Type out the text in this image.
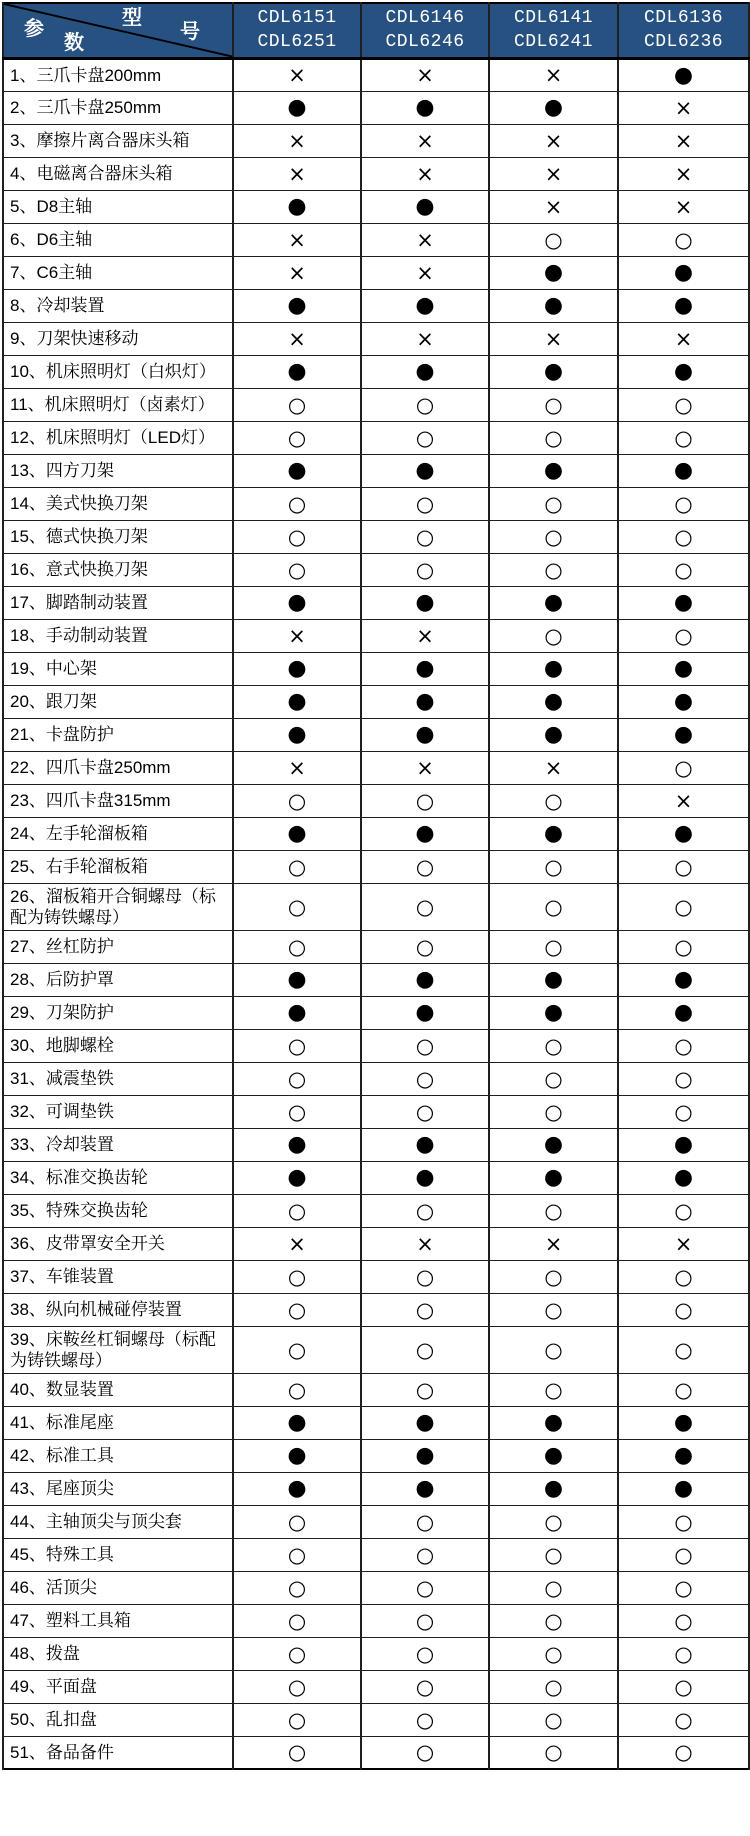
型
号
参
数

CDL6151
CDL6251

CDL6146
CDL6246

CDL6141
CDL6241

CDL6136
CDL6236

1、三爪卡盘200mm	×	×	×	●
2、三爪卡盘250mm	●	●	●	×
3、摩擦片离合器床头箱	×	×	×	×
4、电磁离合器床头箱	×	×	×	×
5、D8主轴	●	●	×	×
6、D6主轴	×	×	○	○
7、C6主轴	×	×	●	●
8、冷却装置	●	●	●	●
9、刀架快速移动	×	×	×	×
10、机床照明灯（白炽灯）	●	●	●	●
11、机床照明灯（卤素灯）	○	○	○	○
12、机床照明灯（LED灯）	○	○	○	○
13、四方刀架	●	●	●	●
14、美式快换刀架	○	○	○	○
15、德式快换刀架	○	○	○	○
16、意式快换刀架	○	○	○	○
17、脚踏制动装置	●	●	●	●
18、手动制动装置	×	×	○	○
19、中心架	●	●	●	●
20、跟刀架	●	●	●	●
21、卡盘防护	●	●	●	●
22、四爪卡盘250mm	×	×	×	○
23、四爪卡盘315mm	○	○	○	×
24、左手轮溜板箱	●	●	●	●
25、右手轮溜板箱	○	○	○	○
26、溜板箱开合铜螺母（标配为铸铁螺母）	○	○	○	○
27、丝杠防护	○	○	○	○
28、后防护罩	●	●	●	●
29、刀架防护	●	●	●	●
30、地脚螺栓	○	○	○	○
31、减震垫铁	○	○	○	○
32、可调垫铁	○	○	○	○
33、冷却装置	●	●	●	●
34、标准交换齿轮	●	●	●	●
35、特殊交换齿轮	○	○	○	○
36、皮带罩安全开关	×	×	×	×
37、车锥装置	○	○	○	○
38、纵向机械碰停装置	○	○	○	○
39、床鞍丝杠铜螺母（标配为铸铁螺母）	○	○	○	○
40、数显装置	○	○	○	○
41、标准尾座	●	●	●	●
42、标准工具	●	●	●	●
43、尾座顶尖	●	●	●	●
44、主轴顶尖与顶尖套	○	○	○	○
45、特殊工具	○	○	○	○
46、活顶尖	○	○	○	○
47、塑料工具箱	○	○	○	○
48、拨盘	○	○	○	○
49、平面盘	○	○	○	○
50、乱扣盘	○	○	○	○
51、备品备件	○	○	○	○
